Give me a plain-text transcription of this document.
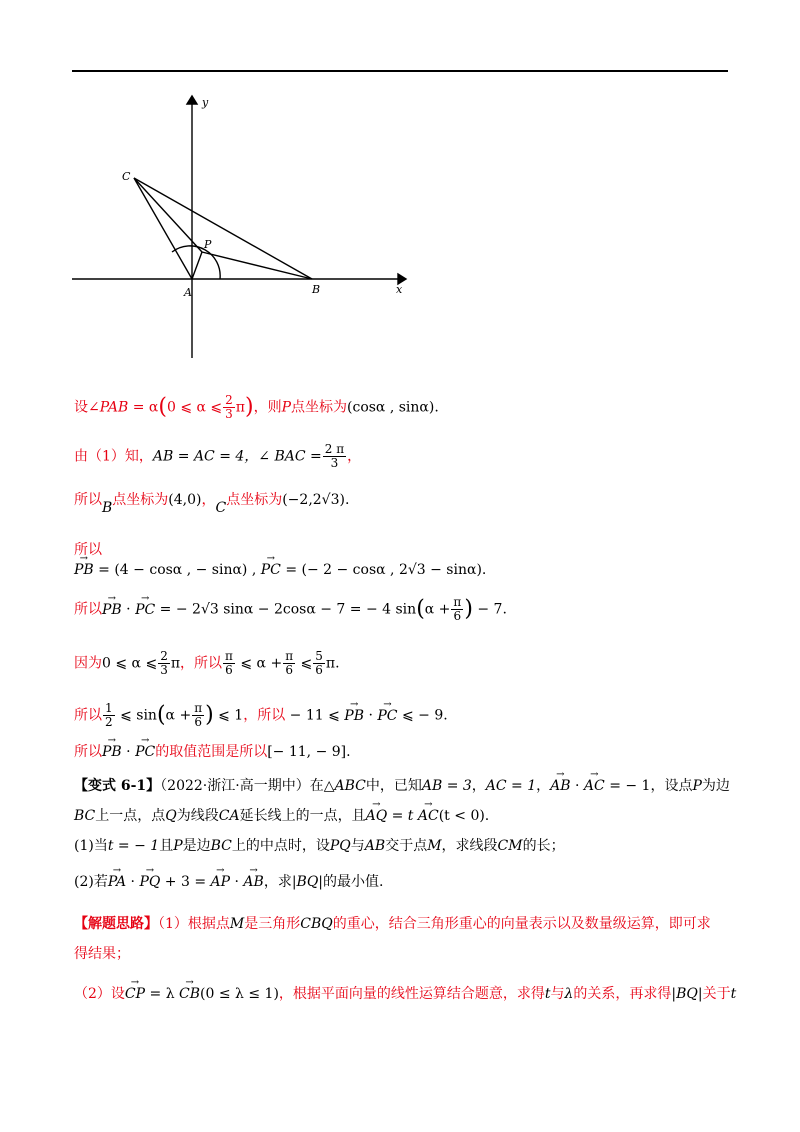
y
x
C
P
A	B
设∠PAB = α(0 ⩽ α ⩽ $\frac{2}{3} \pi$)，则P点坐标为(cosα , sinα).
由（1）知，AB = AC = 4，∠ BAC = $\frac{2 \pi}{3}$ ，
所以B点坐标为(4,0)，C点坐标为(−2,2√3).
所以
→ PB = (4 − cosα , − sinα) , → PC = (− 2 − cosα , 2√3 − sinα).
所以→ PB · → PC = − 2√3 sinα − 2cosα − 7 = − 4 $\sin(\alpha + \frac{\pi}{6}$ ) − 7.
因为0 ⩽ α ⩽ $\frac{2}{3}$ π，所以 $\frac{\pi}{6}$ ⩽ $\alpha + \frac{\pi}{6}$ ⩽ $\frac{5}{6} \pi$.
所以 $\frac{1}{2}$ ⩽ $\sin(\alpha + \frac{\pi}{6}$ ) ⩽ 1，所以 − 11 ⩽ → PB · → PC ⩽ − 9.
所以→ PB · → PC的取值范围是所以[− 11, − 9].
【变式 6-1】（2022·浙江·高一期中）在△ABC中，已知AB = 3，AC = 1，→ AB · → AC = − 1，设点P为边
BC上一点，点Q为线段CA延长线上的一点，且→ AQ = t → AC(t < 0).
(1)当t = − 1且P是边BC上的中点时，设PQ与AB交于点M，求线段CM的长；
(2)若→ PA · → PQ + 3 = → AP · → AB，求|BQ|的最小值.
【解题思路】（1）根据点M是三角形CBQ的重心，结合三角形重心的向量表示以及数量级运算，即可求
得结果；
（2）设→ CP = λ → CB(0 ≤ λ ≤ 1)，根据平面向量的线性运算结合题意，求得t与λ的关系，再求得|BQ|关于t
